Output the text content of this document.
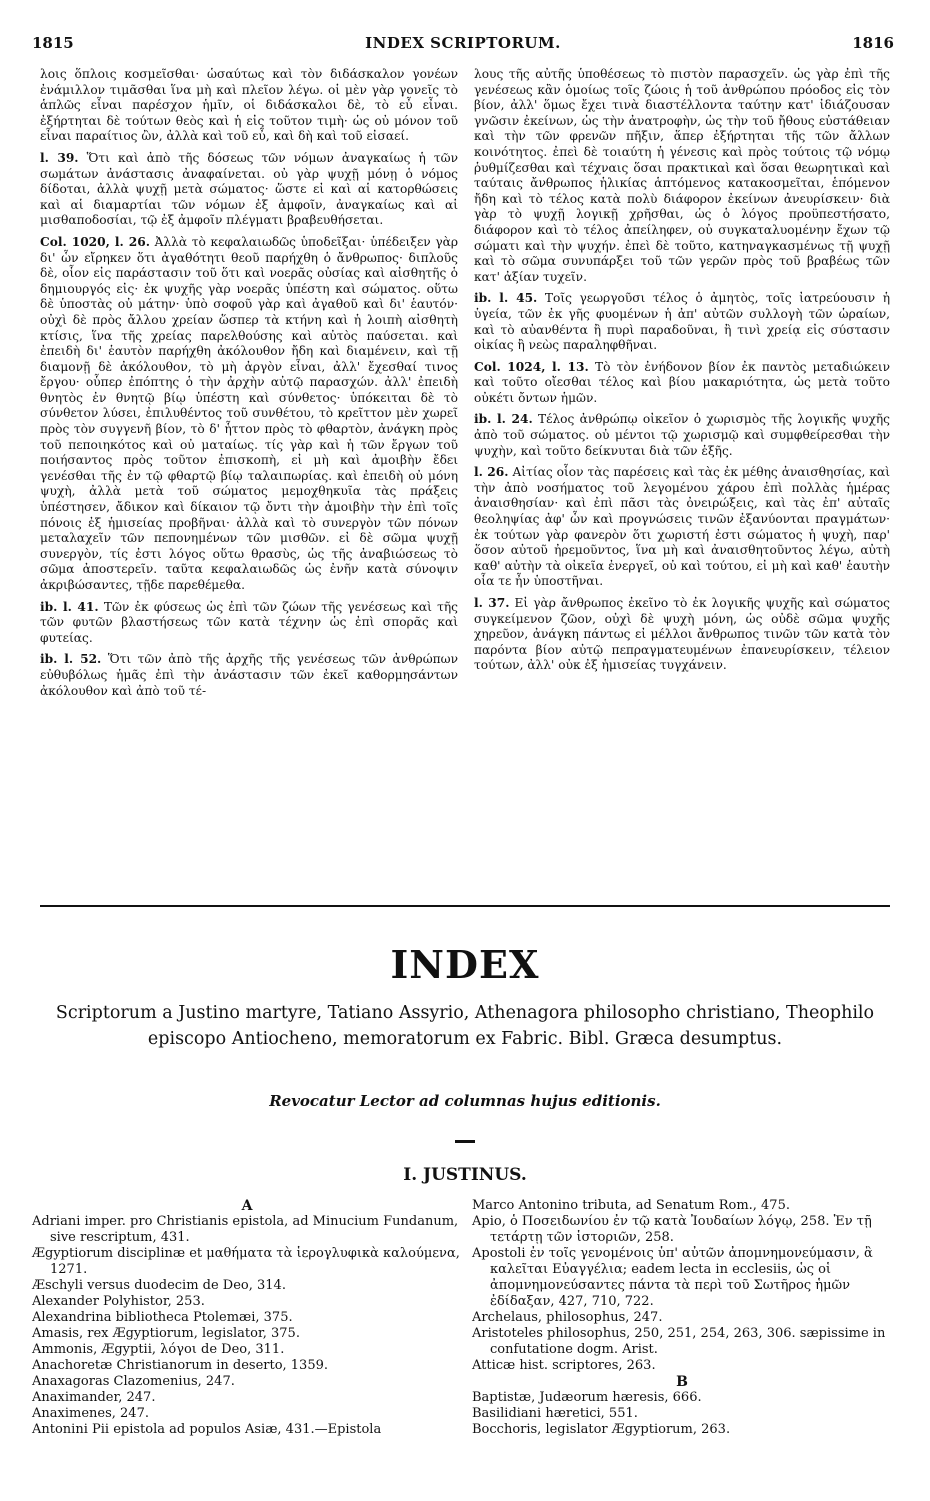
1815	INDEX SCRIPTORUM.	1816

λοις ὅπλοις κοσμεῖσθαι· ὡσαύτως καὶ τὸν διδάσκαλον γονέων ἐνάμιλλον τιμᾶσθαι ἵνα μὴ καὶ πλεῖον λέγω. οἱ μὲν γὰρ γονεῖς τὸ ἁπλῶς εἶναι παρέσχον ἡμῖν, οἱ διδάσκαλοι δὲ, τὸ εὖ εἶναι. ἐξήρτηται δὲ τούτων θεὸς καὶ ἡ εἰς τοῦτον τιμὴ· ὡς οὐ μόνον τοῦ εἶναι παραίτιος ὢν, ἀλλὰ καὶ τοῦ εὖ, καὶ δὴ καὶ τοῦ εἰσαεί.

l. 39. Ὅτι καὶ ἀπὸ τῆς δόσεως τῶν νόμων ἀναγκαίως ἡ τῶν σωμάτων ἀνάστασις ἀναφαίνεται. οὐ γὰρ ψυχῇ μόνῃ ὁ νόμος δίδοται, ἀλλὰ ψυχῇ μετὰ σώματος· ὥστε εἰ καὶ αἱ κατορθώσεις καὶ αἱ διαμαρτίαι τῶν νόμων ἐξ ἀμφοῖν, ἀναγκαίως καὶ αἱ μισθαποδοσίαι, τῷ ἐξ ἀμφοῖν πλέγματι βραβευθήσεται.

Col. 1020, l. 26. Ἀλλὰ τὸ κεφαλαιωδῶς ὑποδεῖξαι· ὑπέδειξεν γὰρ δι' ὧν εἴρηκεν ὅτι ἀγαθότητι θεοῦ παρήχθη ὁ ἄνθρωπος· διπλοῦς δὲ, οἷον εἰς παράστασιν τοῦ ὅτι καὶ νοερᾶς οὐσίας καὶ αἰσθητῆς ὁ δημιουργός εἰς· ἐκ ψυχῆς γὰρ νοερᾶς ὑπέστη καὶ σώματος. οὕτω δὲ ὑποστὰς οὐ μάτην· ὑπὸ σοφοῦ γὰρ καὶ ἀγαθοῦ καὶ δι' ἑαυτόν· οὐχὶ δὲ πρὸς ἄλλου χρείαν ὥσπερ τὰ κτήνη καὶ ἡ λοιπὴ αἰσθητὴ κτίσις, ἵνα τῆς χρείας παρελθούσης καὶ αὐτὸς παύσεται. καὶ ἐπειδὴ δι' ἑαυτὸν παρήχθη ἀκόλουθον ἤδη καὶ διαμένειν, καὶ τῇ διαμονῇ δὲ ἀκόλουθον, τὸ μὴ ἀργὸν εἶναι, ἀλλ' ἔχεσθαί τινος ἔργου· οὗπερ ἐπόπτης ὁ τὴν ἀρχὴν αὐτῷ παρασχών. ἀλλ' ἐπειδὴ θνητὸς ἐν θνητῷ βίῳ ὑπέστη καὶ σύνθετος· ὑπόκειται δὲ τὸ σύνθετον λύσει, ἐπιλυθέντος τοῦ συνθέτου, τὸ κρεῖττον μὲν χωρεῖ πρὸς τὸν συγγενῆ βίον, τὸ δ' ἧττον πρὸς τὸ φθαρτὸν, ἀνάγκη πρὸς τοῦ πεποιηκότος καὶ οὐ ματαίως. τίς γὰρ καὶ ἡ τῶν ἔργων τοῦ ποιήσαντος πρὸς τοῦτον ἐπισκοπὴ, εἰ μὴ καὶ ἀμοιβὴν ἔδει γενέσθαι τῆς ἐν τῷ φθαρτῷ βίῳ ταλαιπωρίας. καὶ ἐπειδὴ οὐ μόνη ψυχὴ, ἀλλὰ μετὰ τοῦ σώματος μεμοχθηκυῖα τὰς πράξεις ὑπέστησεν, ἄδικον καὶ δίκαιον τῷ ὄντι τὴν ἀμοιβὴν τὴν ἐπὶ τοῖς πόνοις ἐξ ἡμισείας προβῆναι· ἀλλὰ καὶ τὸ συνεργὸν τῶν πόνων μεταλαχεῖν τῶν πεπονημένων τῶν μισθῶν. εἰ δὲ σῶμα ψυχῇ συνεργὸν, τίς ἐστι λόγος οὕτω θρασὺς, ὡς τῆς ἀναβιώσεως τὸ σῶμα ἀποστερεῖν. ταῦτα κεφαλαιωδῶς ὡς ἐνῆν κατὰ σύνοψιν ἀκριβώσαντες, τῇδε παρεθέμεθα.

ib. l. 41. Τῶν ἐκ φύσεως ὡς ἐπὶ τῶν ζώων τῆς γενέσεως καὶ τῆς τῶν φυτῶν βλαστήσεως τῶν κατὰ τέχνην ὡς ἐπὶ σπορᾶς καὶ φυτείας.

ib. l. 52. Ὅτι τῶν ἀπὸ τῆς ἀρχῆς τῆς γενέσεως τῶν ἀνθρώπων εὐθυβόλως ἡμᾶς ἐπὶ τὴν ἀνάστασιν τῶν ἐκεῖ καθορμησάντων ἀκόλουθον καὶ ἀπὸ τοῦ τέ-

λους τῆς αὐτῆς ὑποθέσεως τὸ πιστὸν παρασχεῖν. ὡς γὰρ ἐπὶ τῆς γενέσεως κἂν ὁμοίως τοῖς ζώοις ἡ τοῦ ἀνθρώπου πρόοδος εἰς τὸν βίον, ἀλλ' ὅμως ἔχει τινὰ διαστέλλοντα ταύτην κατ' ἰδιάζουσαν γνῶσιν ἐκείνων, ὡς τὴν ἀνατροφὴν, ὡς τὴν τοῦ ἤθους εὐστάθειαν καὶ τὴν τῶν φρενῶν πῆξιν, ἅπερ ἐξήρτηται τῆς τῶν ἄλλων κοινότητος. ἐπεὶ δὲ τοιαύτη ἡ γένεσις καὶ πρὸς τούτοις τῷ νόμῳ ῥυθμίζεσθαι καὶ τέχναις ὅσαι πρακτικαὶ καὶ ὅσαι θεωρητικαὶ καὶ ταύταις ἄνθρωπος ἡλικίας ἁπτόμενος κατακοσμεῖται, ἑπόμενον ἤδη καὶ τὸ τέλος κατὰ πολὺ διάφορον ἐκείνων ἀνευρίσκειν· διὰ γὰρ τὸ ψυχῇ λογικῇ χρῆσθαι, ὡς ὁ λόγος προϋπεστήσατο, διάφορον καὶ τὸ τέλος ἀπείληφεν, οὐ συγκαταλυομένην ἔχων τῷ σώματι καὶ τὴν ψυχήν. ἐπεὶ δὲ τοῦτο, κατηναγκασμένως τῇ ψυχῇ καὶ τὸ σῶμα συνυπάρξει τοῦ τῶν γερῶν πρὸς τοῦ βραβέως τῶν κατ' ἀξίαν τυχεῖν.

ib. l. 45. Τοῖς γεωργοῦσι τέλος ὁ ἀμητὸς, τοῖς ἰατρεύουσιν ἡ ὑγεία, τῶν ἐκ γῆς φυομένων ἡ ἀπ' αὐτῶν συλλογὴ τῶν ὡραίων, καὶ τὸ αὐανθέντα ἢ πυρὶ παραδοῦναι, ἢ τινὶ χρείᾳ εἰς σύστασιν οἰκίας ἢ νεὼς παραληφθῆναι.

Col. 1024, l. 13. Τὸ τὸν ἐνήδονον βίον ἐκ παντὸς μεταδιώκειν καὶ τοῦτο οἴεσθαι τέλος καὶ βίου μακαριότητα, ὡς μετὰ τοῦτο οὐκέτι ὄντων ἡμῶν.

ib. l. 24. Τέλος ἀνθρώπῳ οἰκεῖον ὁ χωρισμὸς τῆς λογικῆς ψυχῆς ἀπὸ τοῦ σώματος. οὐ μέντοι τῷ χωρισμῷ καὶ συμφθείρεσθαι τὴν ψυχὴν, καὶ τοῦτο δείκνυται διὰ τῶν ἑξῆς.

l. 26. Αἰτίας οἷον τὰς παρέσεις καὶ τὰς ἐκ μέθης ἀναισθησίας, καὶ τὴν ἀπὸ νοσήματος τοῦ λεγομένου χάρου ἐπὶ πολλὰς ἡμέρας ἀναισθησίαν· καὶ ἐπὶ πᾶσι τὰς ὀνειρώξεις, καὶ τὰς ἐπ' αὐταῖς θεοληψίας ἀφ' ὧν καὶ προγνώσεις τινῶν ἐξανύονται πραγμάτων· ἐκ τούτων γὰρ φανερὸν ὅτι χωριστή ἐστι σώματος ἡ ψυχὴ, παρ' ὅσον αὐτοῦ ἠρεμοῦντος, ἵνα μὴ καὶ ἀναισθητοῦντος λέγω, αὐτὴ καθ' αὐτὴν τὰ οἰκεῖα ἐνεργεῖ, οὐ καὶ τούτου, εἰ μὴ καὶ καθ' ἑαυτὴν οἷα τε ἦν ὑποστῆναι.

l. 37. Εἰ γὰρ ἄνθρωπος ἐκεῖνο τὸ ἐκ λογικῆς ψυχῆς καὶ σώματος συγκείμενον ζῶον, οὐχὶ δὲ ψυχὴ μόνη, ὡς οὐδὲ σῶμα ψυχῆς χηρεῦον, ἀνάγκη πάντως εἰ μέλλοι ἄνθρωπος τινῶν τῶν κατὰ τὸν παρόντα βίον αὐτῷ πεπραγματευμένων ἐπανευρίσκειν, τέλειον τούτων, ἀλλ' οὐκ ἐξ ἡμισείας τυγχάνειν.

INDEX
Scriptorum a Justino martyre, Tatiano Assyrio, Athenagora philosopho christiano, Theophilo
episcopo Antiocheno, memoratorum ex Fabric. Bibl. Græca desumptus.
Revocatur Lector ad columnas hujus editionis.
I. JUSTINUS.
A

Adriani imper. pro Christianis epistola, ad Minucium Fundanum, sive rescriptum, 431.

Ægyptiorum disciplinæ et μαθήματα τὰ ἱερογλυφικὰ καλούμενα, 1271.

Æschyli versus duodecim de Deo, 314.

Alexander Polyhistor, 253.

Alexandrina bibliotheca Ptolemæi, 375.

Amasis, rex Ægyptiorum, legislator, 375.

Ammonis, Ægyptii, λόγοι de Deo, 311.

Anachoretæ Christianorum in deserto, 1359.

Anaxagoras Clazomenius, 247.

Anaximander, 247.

Anaximenes, 247.

Antonini Pii epistola ad populos Asiæ, 431.—Epistola

Marco Antonino tributa, ad Senatum Rom., 475.

Apio, ὁ Ποσειδωνίου ἐν τῷ κατὰ Ἰουδαίων λόγῳ, 258. Ἐν τῇ τετάρτῃ τῶν ἱστοριῶν, 258.

Apostoli ἐν τοῖς γενομένοις ὑπ' αὐτῶν ἀπομνημονεύμασιν, ἃ καλεῖται Εὐαγγέλια; eadem lecta in ecclesiis, ὡς οἱ ἀπομνημονεύσαντες πάντα τὰ περὶ τοῦ Σωτῆρος ἡμῶν ἐδίδαξαν, 427, 710, 722.

Archelaus, philosophus, 247.

Aristoteles philosophus, 250, 251, 254, 263, 306. sæpissime in confutatione dogm. Arist.

Atticæ hist. scriptores, 263.

B

Baptistæ, Judæorum hæresis, 666.

Basilidiani hæretici, 551.

Bocchoris, legislator Ægyptiorum, 263.
